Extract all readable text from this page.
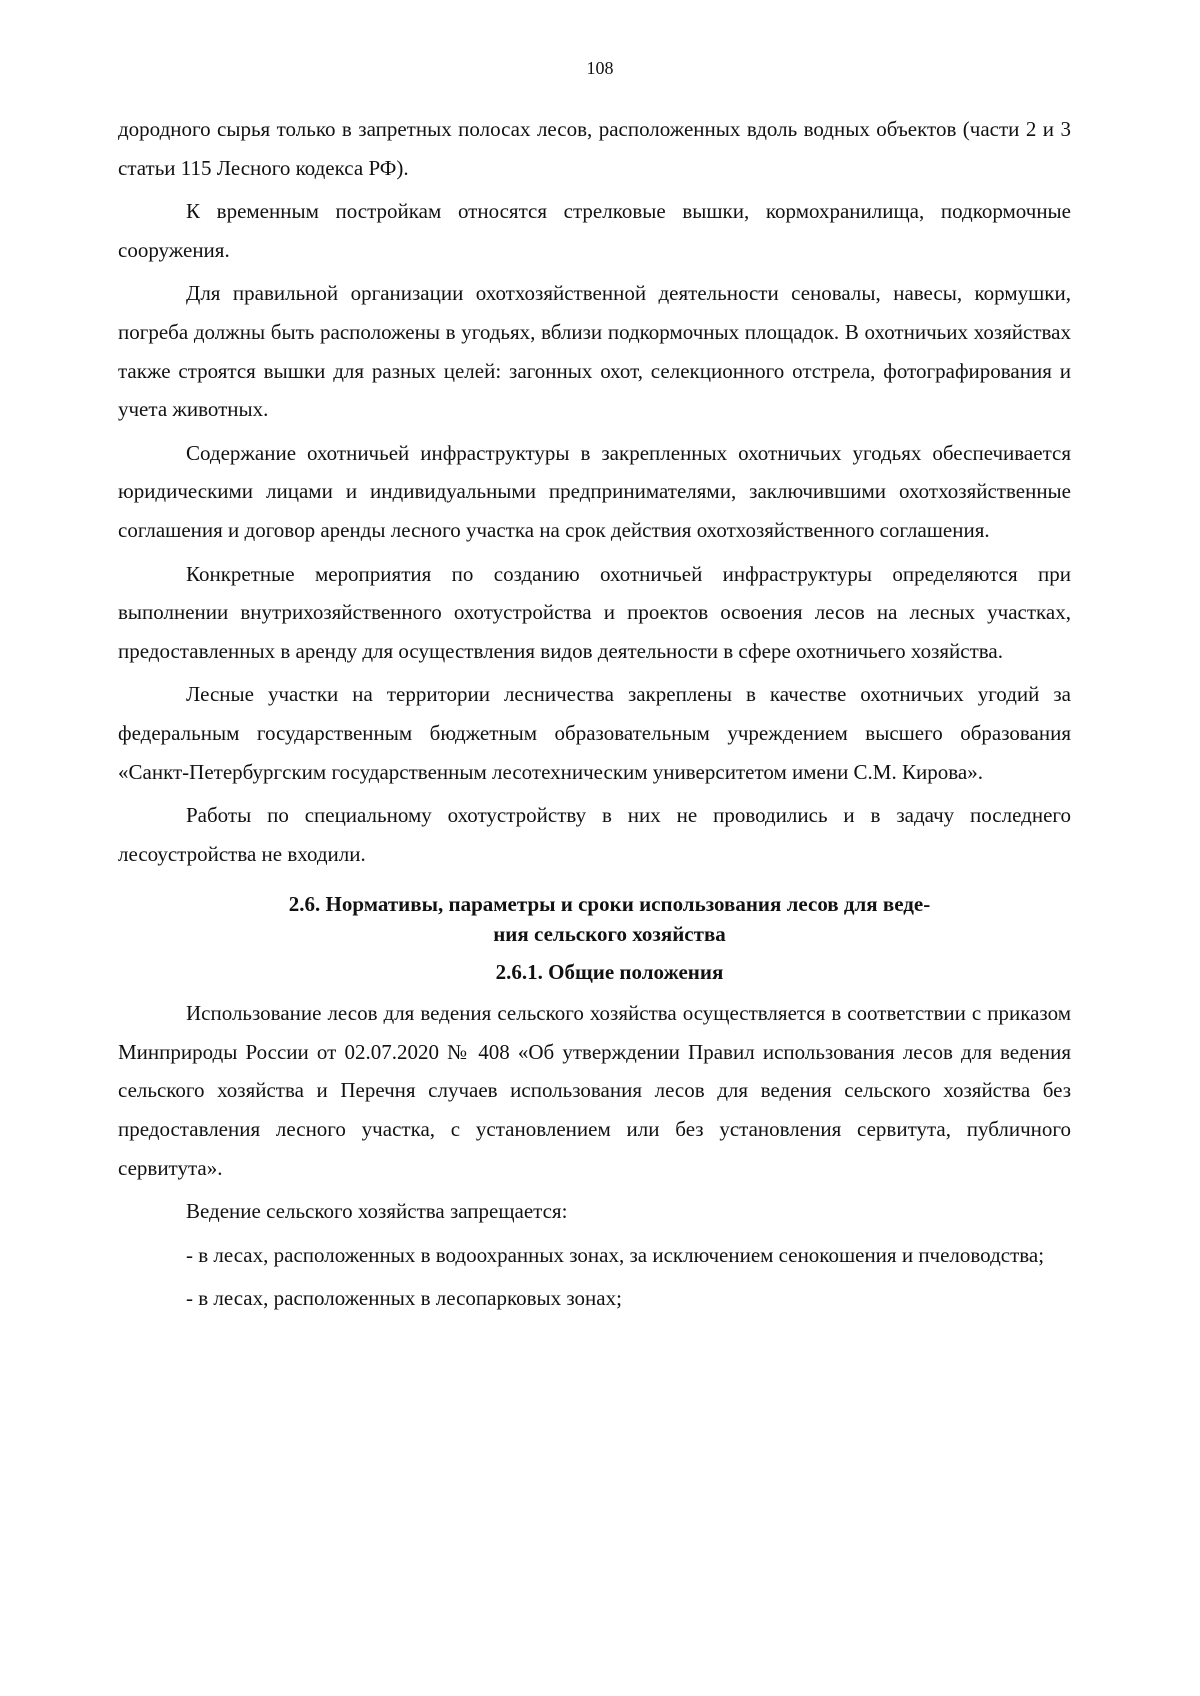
108

дородного сырья только в запретных полосах лесов, расположенных вдоль водных объектов (части 2 и 3 статьи 115 Лесного кодекса РФ).

К временным постройкам относятся стрелковые вышки, кормохранилища, подкормочные сооружения.

Для правильной организации охотхозяйственной деятельности сеновалы, навесы, кормушки, погреба должны быть расположены в угодьях, вблизи подкормочных площадок. В охотничьих хозяйствах также строятся вышки для разных целей: загонных охот, селекционного отстрела, фотографирования и учета животных.

Содержание охотничьей инфраструктуры в закрепленных охотничьих угодьях обеспечивается юридическими лицами и индивидуальными предпринимателями, заключившими охотхозяйственные соглашения и договор аренды лесного участка на срок действия охотхозяйственного соглашения.

Конкретные мероприятия по созданию охотничьей инфраструктуры определяются при выполнении внутрихозяйственного охотустройства и проектов освоения лесов на лесных участках, предоставленных в аренду для осуществления видов деятельности в сфере охотничьего хозяйства.

Лесные участки на территории лесничества закреплены в качестве охотничьих угодий за федеральным государственным бюджетным образовательным учреждением высшего образования «Санкт-Петербургским государственным лесотехническим университетом имени С.М. Кирова».

Работы по специальному охотустройству в них не проводились и в задачу последнего лесоустройства не входили.

2.6. Нормативы, параметры и сроки использования лесов для веде-
ния сельского хозяйства
2.6.1. Общие положения

Использование лесов для ведения сельского хозяйства осуществляется в соответствии с приказом Минприроды России от 02.07.2020 № 408 «Об утверждении Правил использования лесов для ведения сельского хозяйства и Перечня случаев использования лесов для ведения сельского хозяйства без предоставления лесного участка, с установлением или без установления сервитута, публичного сервитута».

Ведение сельского хозяйства запрещается:

- в лесах, расположенных в водоохранных зонах, за исключением сенокошения и пчеловодства;

- в лесах, расположенных в лесопарковых зонах;
